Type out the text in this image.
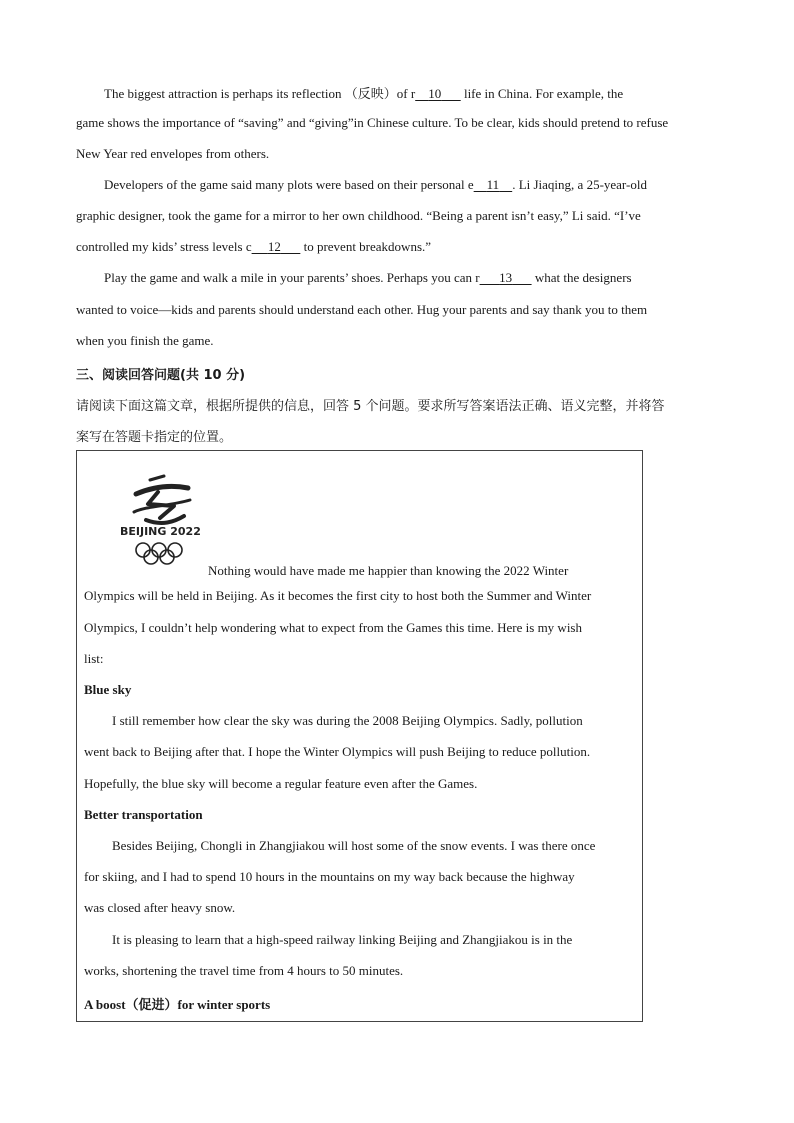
The biggest attraction is perhaps its reflection （反映）of r 10       life in China. For example, the
game shows the importance of “saving” and “giving”in Chinese culture. To be clear, kids should pretend to refuse
New Year red envelopes from others.
Developers of the game said many plots were based on their personal e 11 . Li Jiaqing, a 25-year-old
graphic designer, took the game for a mirror to her own childhood. “Being a parent isn’t easy,” Li said. “I’ve
controlled my kids’ stress levels c 12       to prevent breakdowns.”
Play the game and walk a mile in your parents’ shoes. Perhaps you can r 13       what the designers
wanted to voice—kids and parents should understand each other. Hug your parents and say thank you to them
when you finish the game.
三、阅读回答问题(共 10 分)
请阅读下面这篇文章，根据所提供的信息，回答 5 个问题。要求所写答案语法正确、语义完整，并将答
案写在答题卡指定的位置。
BEIJING 2022
Nothing would have made me happier than knowing the 2022 Winter
Olympics will be held in Beijing. As it becomes the first city to host both the Summer and Winter
Olympics, I couldn’t help wondering what to expect from the Games this time. Here is my wish
list:
Blue sky
I still remember how clear the sky was during the 2008 Beijing Olympics. Sadly, pollution
went back to Beijing after that. I hope the Winter Olympics will push Beijing to reduce pollution.
Hopefully, the blue sky will become a regular feature even after the Games.
Better transportation
Besides Beijing, Chongli in Zhangjiakou will host some of the snow events. I was there once
for skiing, and I had to spend 10 hours in the mountains on my way back because the highway
was closed after heavy snow.
It is pleasing to learn that a high-speed railway linking Beijing and Zhangjiakou is in the
works, shortening the travel time from 4 hours to 50 minutes.
A boost（促进）for winter sports
